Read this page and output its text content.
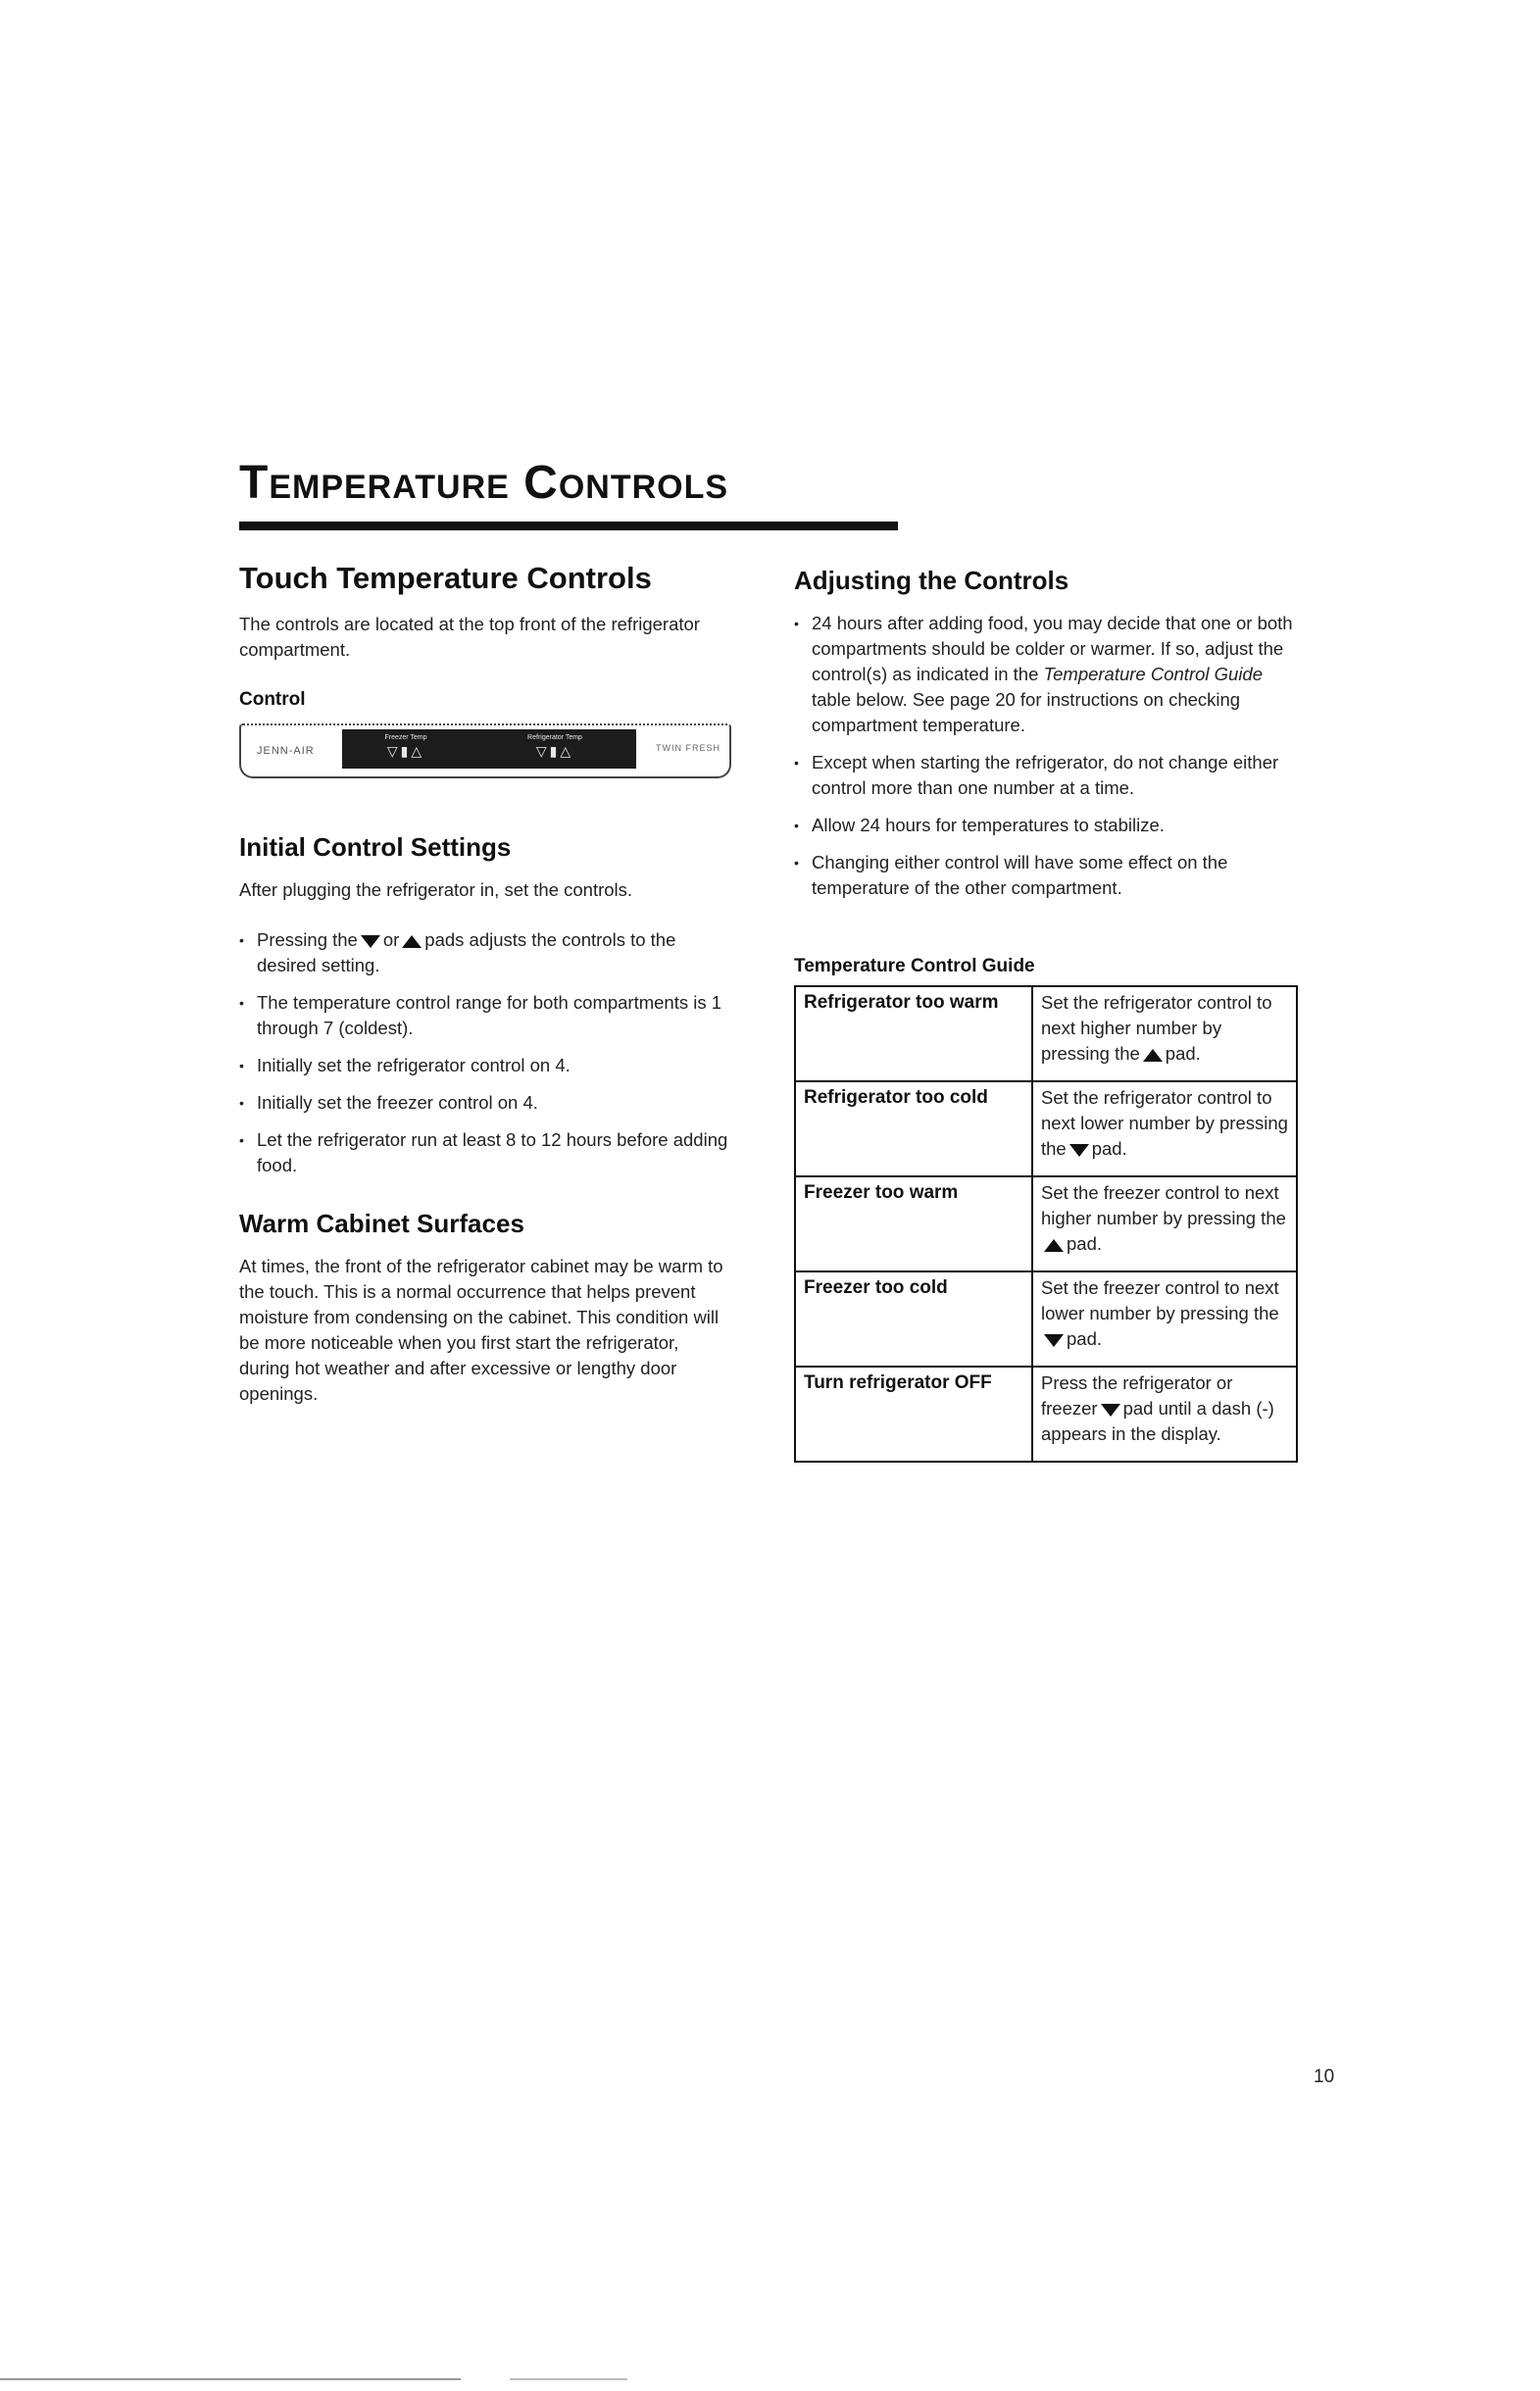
Temperature Controls
Touch Temperature Controls

The controls are located at the top front of the refrigerator compartment.

Control
JENN-AIR
Freezer Temp
▽▮△
Refrigerator Temp
▽▮△	TWIN FRESH
Initial Control Settings

After plugging the refrigerator in, set the controls.

• Pressing the or pads adjusts the controls to the desired setting.
• The temperature control range for both compartments is 1 through 7 (coldest).
• Initially set the refrigerator control on 4.
• Initially set the freezer control on 4.
• Let the refrigerator run at least 8 to 12 hours before adding food.
Warm Cabinet Surfaces

At times, the front of the refrigerator cabinet may be warm to the touch. This is a normal occurrence that helps prevent moisture from condensing on the cabinet. This condition will be more noticeable when you first start the refrigerator, during hot weather and after excessive or lengthy door openings.

Adjusting the Controls
• 24 hours after adding food, you may decide that one or both compartments should be colder or warmer. If so, adjust the control(s) as indicated in the Temperature Control Guide table below. See page 20 for instructions on checking compartment temperature.
• Except when starting the refrigerator, do not change either control more than one number at a time.
• Allow 24 hours for temperatures to stabilize.
• Changing either control will have some effect on the temperature of the other compartment.
Temperature Control Guide
Refrigerator too warm	Set the refrigerator control to next higher number by pressing the pad.
Refrigerator too cold	Set the refrigerator control to next lower number by pressing the pad.
Freezer too warm	Set the freezer control to next higher number by pressing thepad.
Freezer too cold	Set the freezer control to next lower number by pressing thepad.
Turn refrigerator OFF	Press the refrigerator or freezer pad until a dash (-) appears in the display.
10
